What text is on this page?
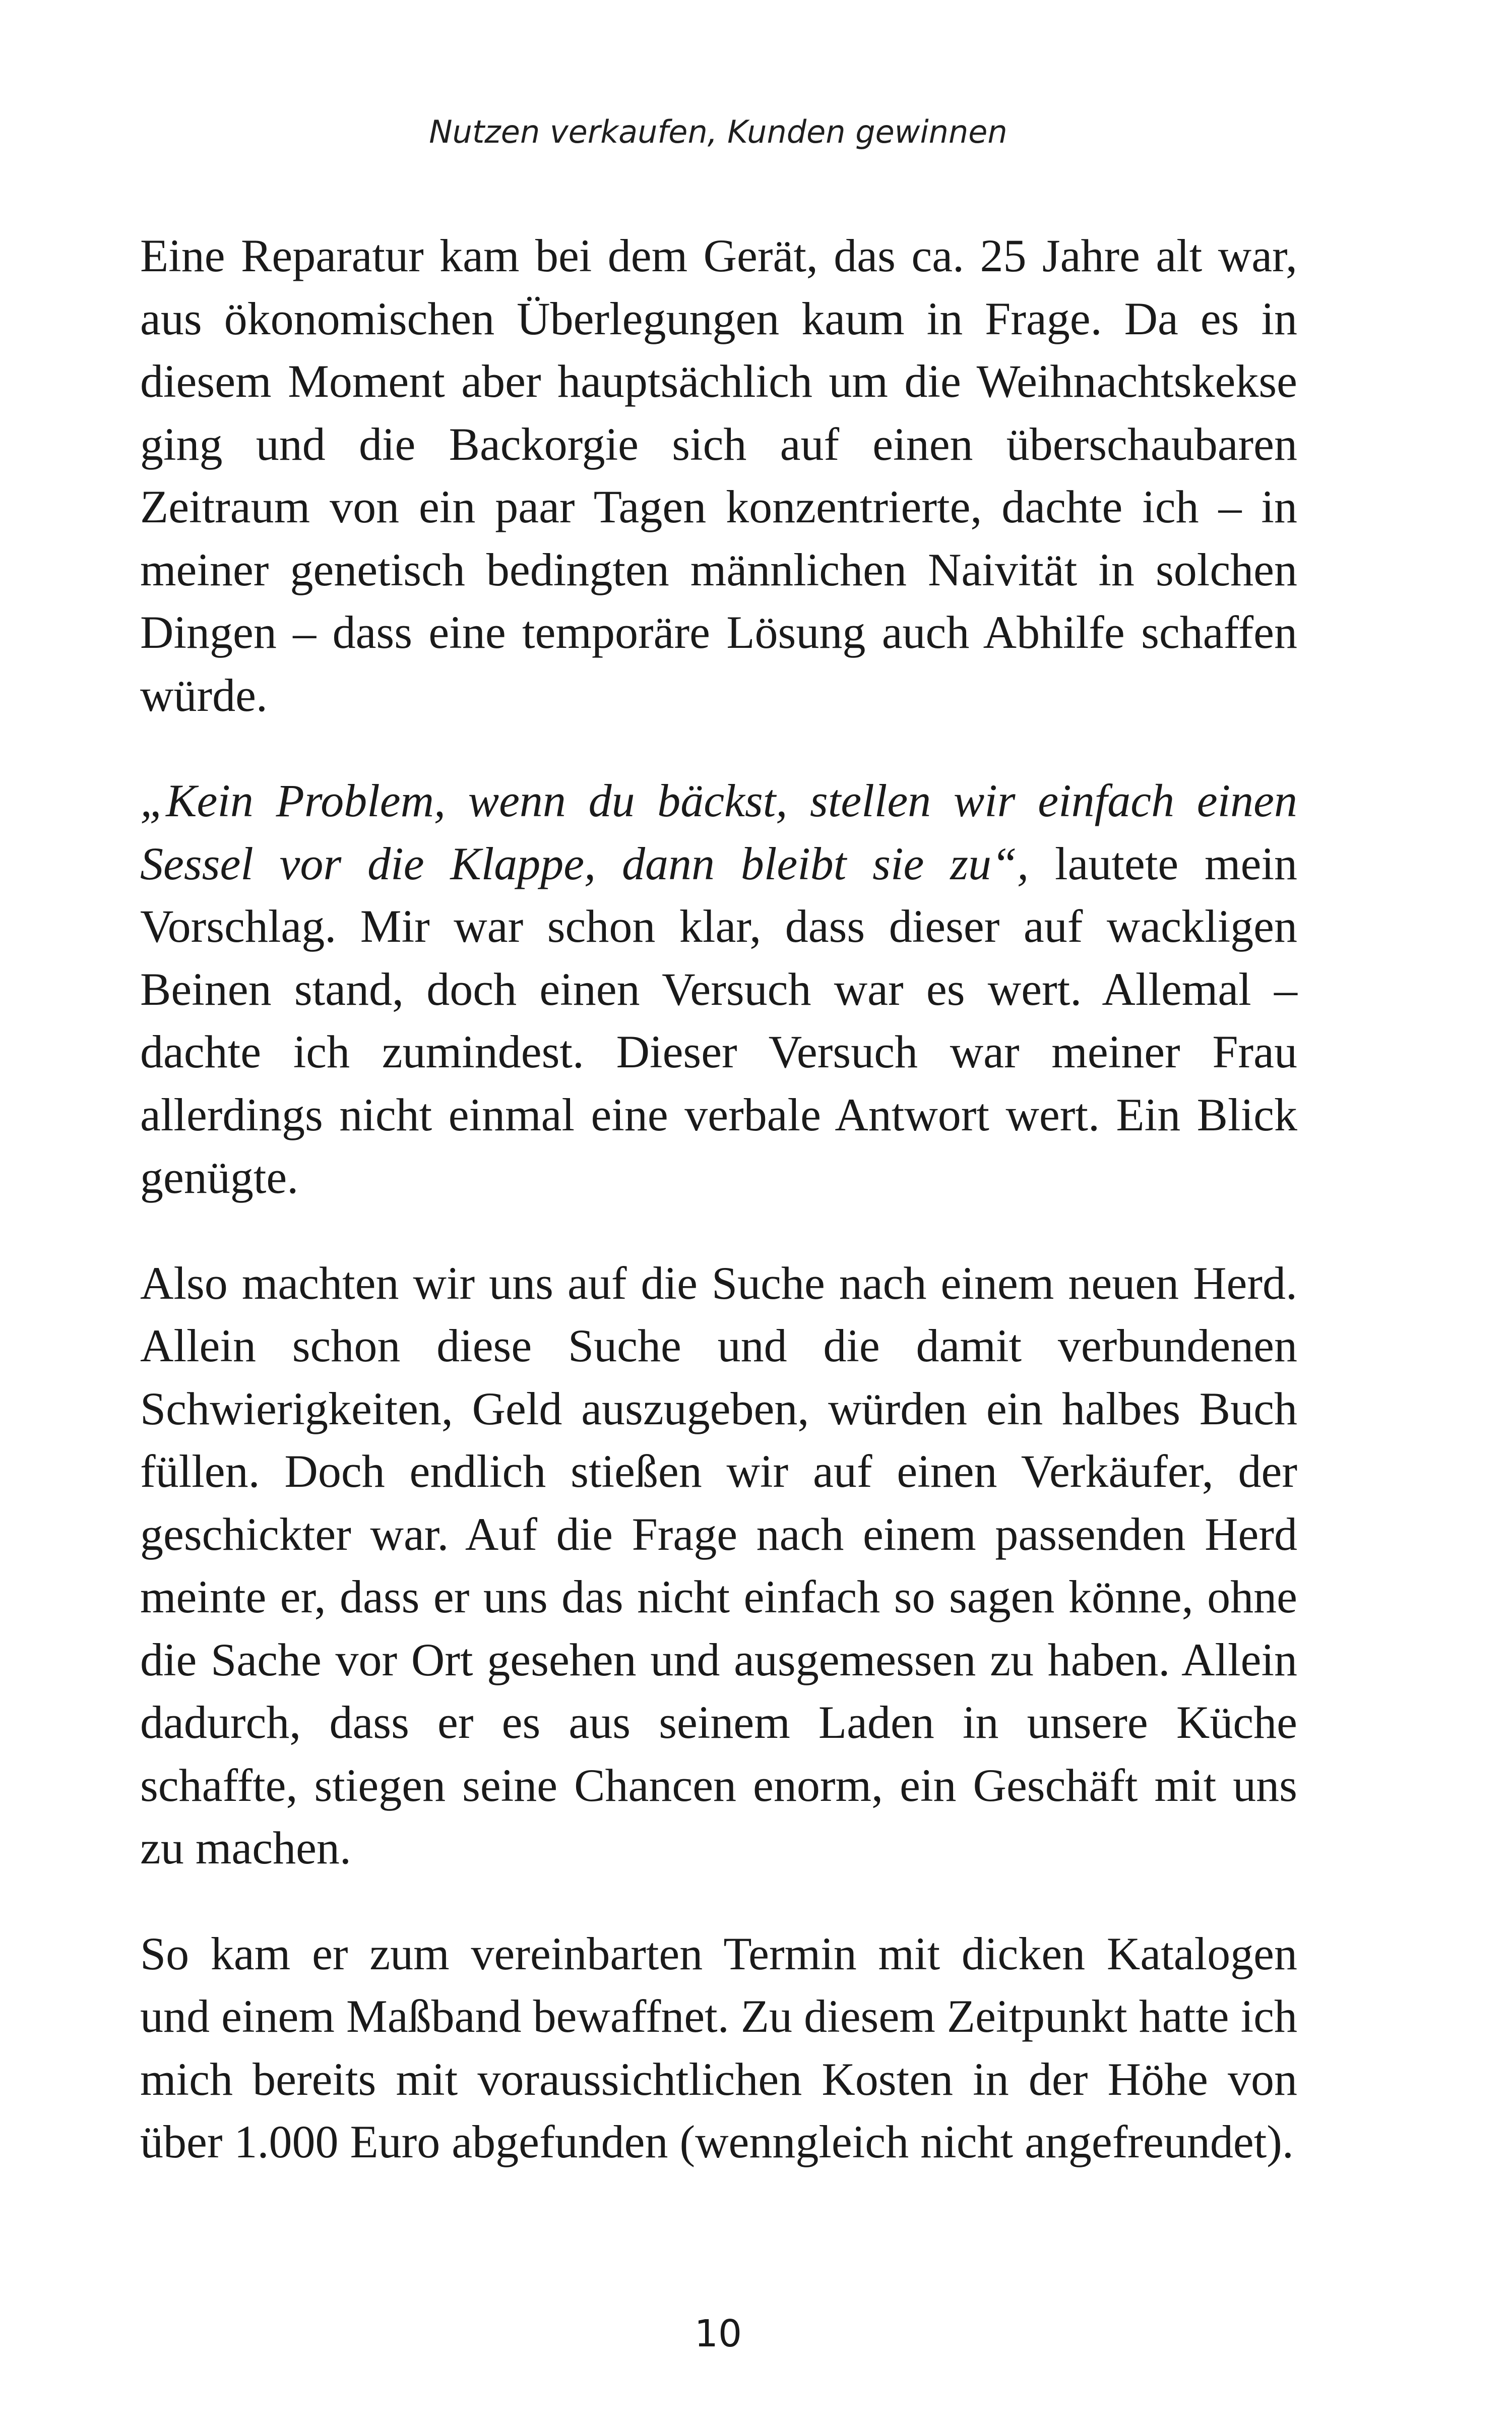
Nutzen verkaufen, Kunden gewinnen

Eine Reparatur kam bei dem Gerät, das ca. 25 Jahre alt war, aus ökonomischen Überlegungen kaum in Frage. Da es in diesem Moment aber hauptsächlich um die Weihnachtskekse ging und die Backorgie sich auf einen überschaubaren Zeitraum von ein paar Tagen konzentrierte, dachte ich – in meiner genetisch bedingten männlichen Naivität in solchen Dingen – dass eine temporäre Lösung auch Abhilfe schaffen würde.

„Kein Problem, wenn du bäckst, stellen wir einfach einen Sessel vor die Klappe, dann bleibt sie zu“, lautete mein Vorschlag. Mir war schon klar, dass dieser auf wackligen Beinen stand, doch einen Versuch war es wert. Allemal – dachte ich zumindest. Dieser Versuch war meiner Frau allerdings nicht einmal eine verbale Antwort wert. Ein Blick genügte.

Also machten wir uns auf die Suche nach einem neuen Herd. Allein schon diese Suche und die damit verbundenen Schwierigkeiten, Geld auszugeben, würden ein halbes Buch füllen. Doch endlich stießen wir auf einen Verkäufer, der geschickter war. Auf die Frage nach einem passenden Herd meinte er, dass er uns das nicht einfach so sagen könne, ohne die Sache vor Ort gesehen und ausgemessen zu haben. Allein dadurch, dass er es aus seinem Laden in unsere Küche schaffte, stiegen seine Chancen enorm, ein Geschäft mit uns zu machen.

So kam er zum vereinbarten Termin mit dicken Katalogen und einem Maßband bewaffnet. Zu diesem Zeitpunkt hatte ich mich bereits mit voraussichtlichen Kosten in der Höhe von über 1.000 Euro abgefunden (wenngleich nicht angefreundet).

10
